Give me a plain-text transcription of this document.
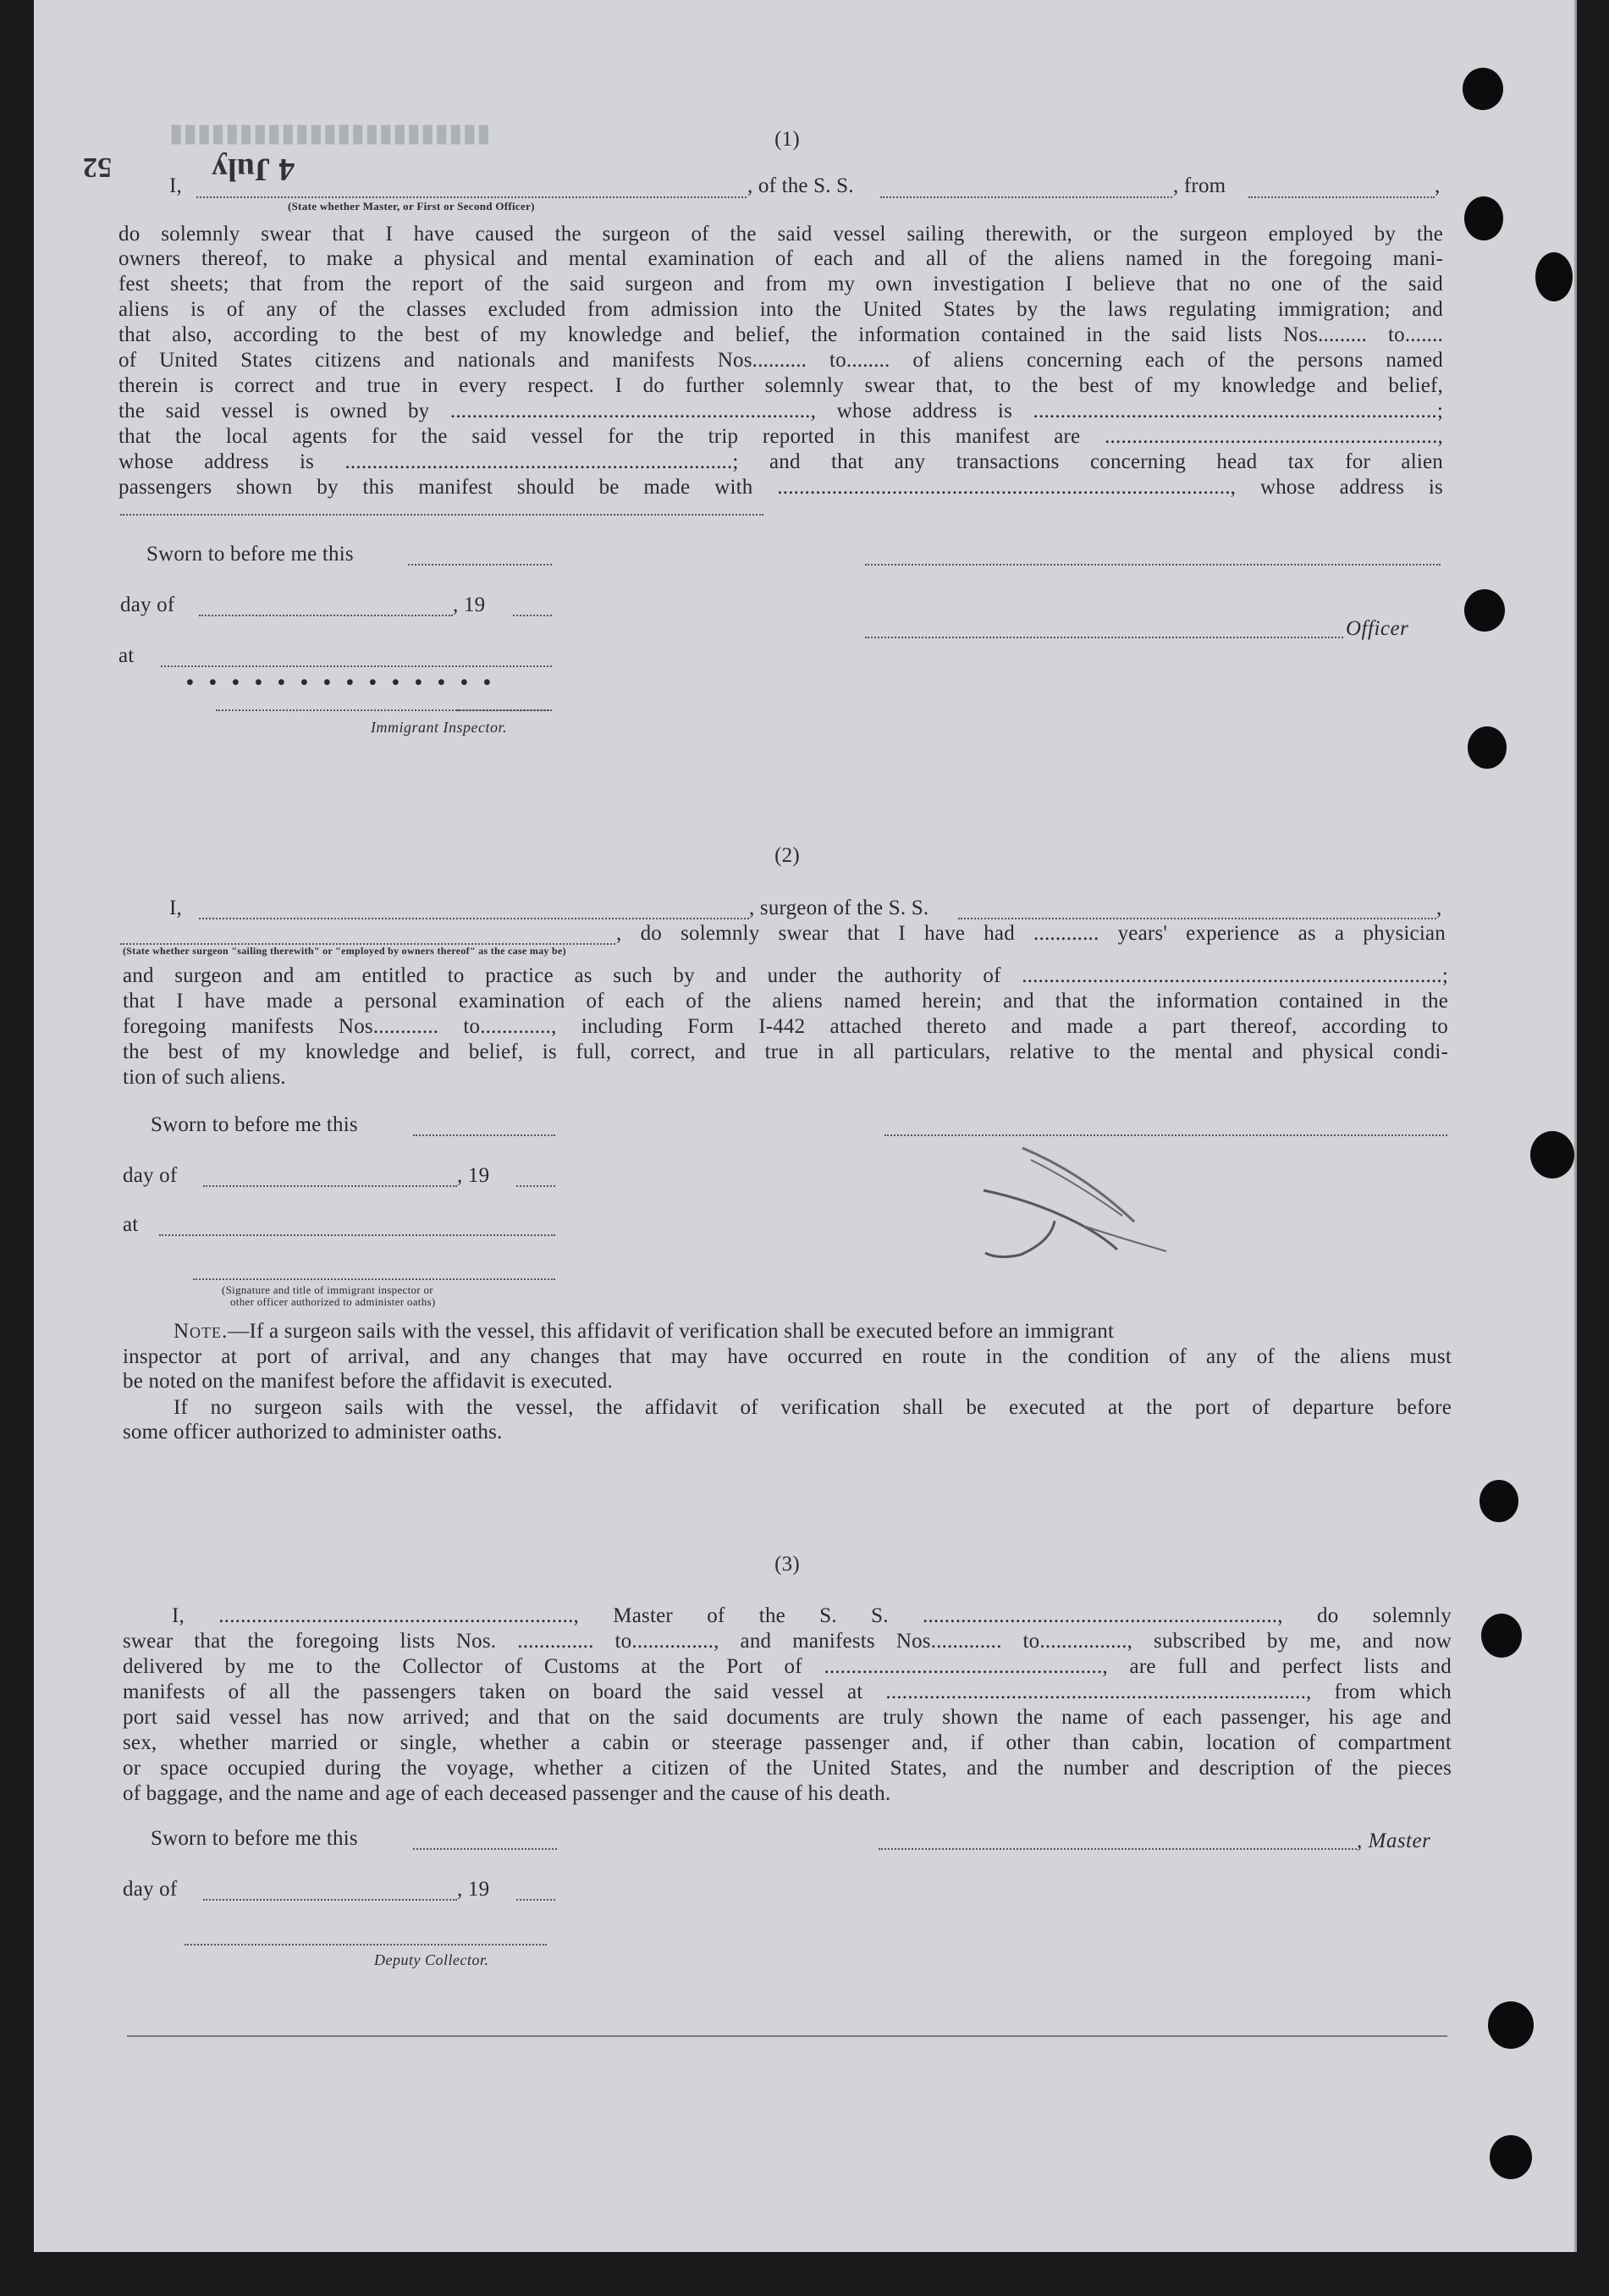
▮▮▮▮▮▮▮▮▮▮▮▮▮▮▮▮▮▮▮▮▮▮▮
4 July
52
(1)
I,	, of the S. S.	, from	,
(State whether Master, or First or Second Officer)
do solemnly swear that I have caused the surgeon of the said vessel sailing therewith, or the surgeon employed by the
owners thereof, to make a physical and mental examination of each and all of the aliens named in the foregoing mani-
fest sheets; that from the report of the said surgeon and from my own investigation I believe that no one of the said
aliens is of any of the classes excluded from admission into the United States by the laws regulating immigration; and
that also, according to the best of my knowledge and belief, the information contained in the said lists Nos......... to.......
of United States citizens and nationals and manifests Nos.......... to........ of aliens concerning each of the persons named
therein is correct and true in every respect. I do further solemnly swear that, to the best of my knowledge and belief,
the said vessel is owned by .................................................................., whose address is ..........................................................................;
that the local agents for the said vessel for the trip reported in this manifest are .............................................................,
whose address is .......................................................................; and that any transactions concerning head tax for alien
passengers shown by this manifest should be made with ..................................................................................., whose address is
Sworn to before me this
day of	, 19
Officer
at
• • • • • • • • • • • • • •
Immigrant Inspector.
(2)
I,	, surgeon of the S. S.	,
, do solemnly swear that I have had ............ years' experience as a physician
(State whether surgeon "sailing therewith" or "employed by owners thereof" as the case may be)
and surgeon and am entitled to practice as such by and under the authority of .............................................................................;
that I have made a personal examination of each of the aliens named herein; and that the information contained in the
foregoing manifests Nos............ to............., including Form I-442 attached thereto and made a part thereof, according to
the best of my knowledge and belief, is full, correct, and true in all particulars, relative to the mental and physical condi-
tion of such aliens.
Sworn to before me this
day of	, 19
at
(Signature and title of immigrant inspector or
other officer authorized to administer oaths)
Note.—If a surgeon sails with the vessel, this affidavit of verification shall be executed before an immigrant
inspector at port of arrival, and any changes that may have occurred en route in the condition of any of the aliens must
be noted on the manifest before the affidavit is executed.
If no surgeon sails with the vessel, the affidavit of verification shall be executed at the port of departure before
some officer authorized to administer oaths.
(3)
I, ................................................................., Master of the S. S. ................................................................., do solemnly
swear that the foregoing lists Nos. .............. to..............., and manifests Nos............. to................, subscribed by me, and now
delivered by me to the Collector of Customs at the Port of ..................................................., are full and perfect lists and
manifests of all the passengers taken on board the said vessel at ............................................................................., from which
port said vessel has now arrived; and that on the said documents are truly shown the name of each passenger, his age and
sex, whether married or single, whether a cabin or steerage passenger and, if other than cabin, location of compartment
or space occupied during the voyage, whether a citizen of the United States, and the number and description of the pieces
of baggage, and the name and age of each deceased passenger and the cause of his death.
Sworn to before me this	, Master
day of	, 19
Deputy Collector.
